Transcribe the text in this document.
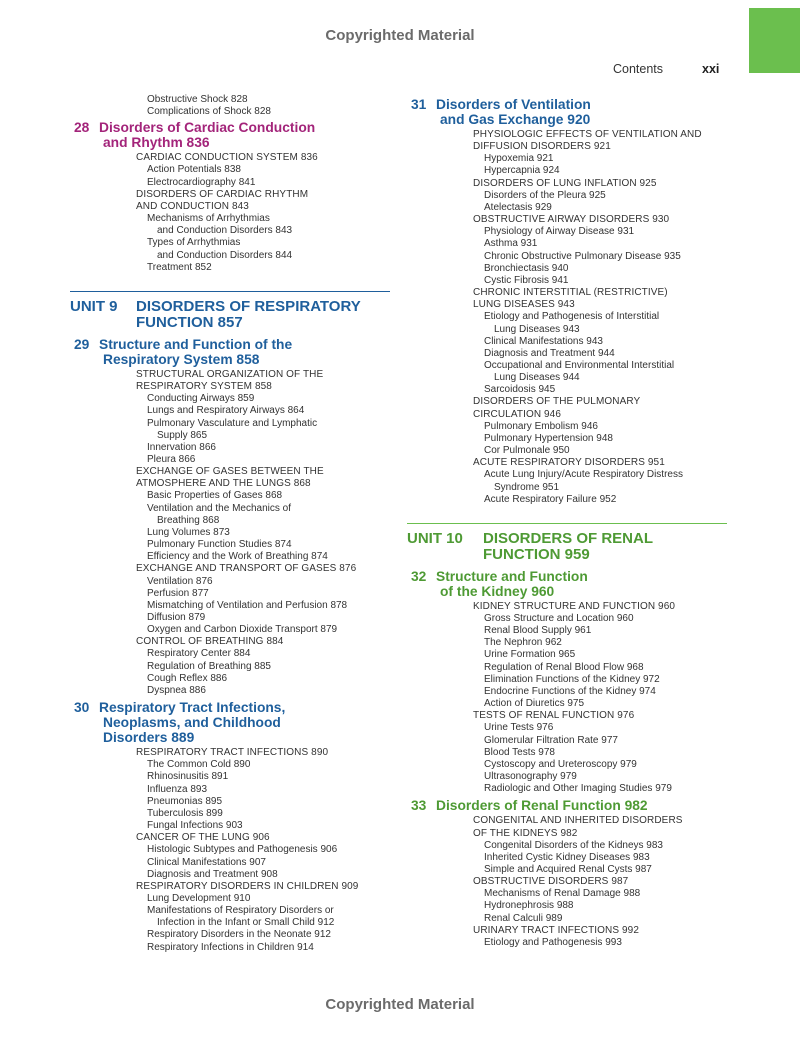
Copyrighted Material
Contents	xxi
Obstructive Shock 828
Complications of Shock 828
28 Disorders of Cardiac Conduction
and Rhythm 836
CARDIAC CONDUCTION SYSTEM 836
Action Potentials 838
Electrocardiography 841
DISORDERS OF CARDIAC RHYTHM
AND CONDUCTION 843
Mechanisms of Arrhythmias
and Conduction Disorders 843
Types of Arrhythmias
and Conduction Disorders 844
Treatment 852
UNIT 9 DISORDERS OF RESPIRATORY
FUNCTION 857
29 Structure and Function of the
Respiratory System 858
STRUCTURAL ORGANIZATION OF THE
RESPIRATORY SYSTEM 858
Conducting Airways 859
Lungs and Respiratory Airways 864
Pulmonary Vasculature and Lymphatic
Supply 865
Innervation 866
Pleura 866
EXCHANGE OF GASES BETWEEN THE
ATMOSPHERE AND THE LUNGS 868
Basic Properties of Gases 868
Ventilation and the Mechanics of
Breathing 868
Lung Volumes 873
Pulmonary Function Studies 874
Efficiency and the Work of Breathing 874
EXCHANGE AND TRANSPORT OF GASES 876
Ventilation 876
Perfusion 877
Mismatching of Ventilation and Perfusion 878
Diffusion 879
Oxygen and Carbon Dioxide Transport 879
CONTROL OF BREATHING 884
Respiratory Center 884
Regulation of Breathing 885
Cough Reflex 886
Dyspnea 886
30 Respiratory Tract Infections,
Neoplasms, and Childhood
Disorders 889
RESPIRATORY TRACT INFECTIONS 890
The Common Cold 890
Rhinosinusitis 891
Influenza 893
Pneumonias 895
Tuberculosis 899
Fungal Infections 903
CANCER OF THE LUNG 906
Histologic Subtypes and Pathogenesis 906
Clinical Manifestations 907
Diagnosis and Treatment 908
RESPIRATORY DISORDERS IN CHILDREN 909
Lung Development 910
Manifestations of Respiratory Disorders or
Infection in the Infant or Small Child 912
Respiratory Disorders in the Neonate 912
Respiratory Infections in Children 914
31 Disorders of Ventilation
and Gas Exchange 920
PHYSIOLOGIC EFFECTS OF VENTILATION AND
DIFFUSION DISORDERS 921
Hypoxemia 921
Hypercapnia 924
DISORDERS OF LUNG INFLATION 925
Disorders of the Pleura 925
Atelectasis 929
OBSTRUCTIVE AIRWAY DISORDERS 930
Physiology of Airway Disease 931
Asthma 931
Chronic Obstructive Pulmonary Disease 935
Bronchiectasis 940
Cystic Fibrosis 941
CHRONIC INTERSTITIAL (RESTRICTIVE)
LUNG DISEASES 943
Etiology and Pathogenesis of Interstitial
Lung Diseases 943
Clinical Manifestations 943
Diagnosis and Treatment 944
Occupational and Environmental Interstitial
Lung Diseases 944
Sarcoidosis 945
DISORDERS OF THE PULMONARY
CIRCULATION 946
Pulmonary Embolism 946
Pulmonary Hypertension 948
Cor Pulmonale 950
ACUTE RESPIRATORY DISORDERS 951
Acute Lung Injury/Acute Respiratory Distress
Syndrome 951
Acute Respiratory Failure 952
UNIT 10 DISORDERS OF RENAL
FUNCTION 959
32 Structure and Function
of the Kidney 960
KIDNEY STRUCTURE AND FUNCTION 960
Gross Structure and Location 960
Renal Blood Supply 961
The Nephron 962
Urine Formation 965
Regulation of Renal Blood Flow 968
Elimination Functions of the Kidney 972
Endocrine Functions of the Kidney 974
Action of Diuretics 975
TESTS OF RENAL FUNCTION 976
Urine Tests 976
Glomerular Filtration Rate 977
Blood Tests 978
Cystoscopy and Ureteroscopy 979
Ultrasonography 979
Radiologic and Other Imaging Studies 979
33 Disorders of Renal Function 982
CONGENITAL AND INHERITED DISORDERS
OF THE KIDNEYS 982
Congenital Disorders of the Kidneys 983
Inherited Cystic Kidney Diseases 983
Simple and Acquired Renal Cysts 987
OBSTRUCTIVE DISORDERS 987
Mechanisms of Renal Damage 988
Hydronephrosis 988
Renal Calculi 989
URINARY TRACT INFECTIONS 992
Etiology and Pathogenesis 993
Copyrighted Material
